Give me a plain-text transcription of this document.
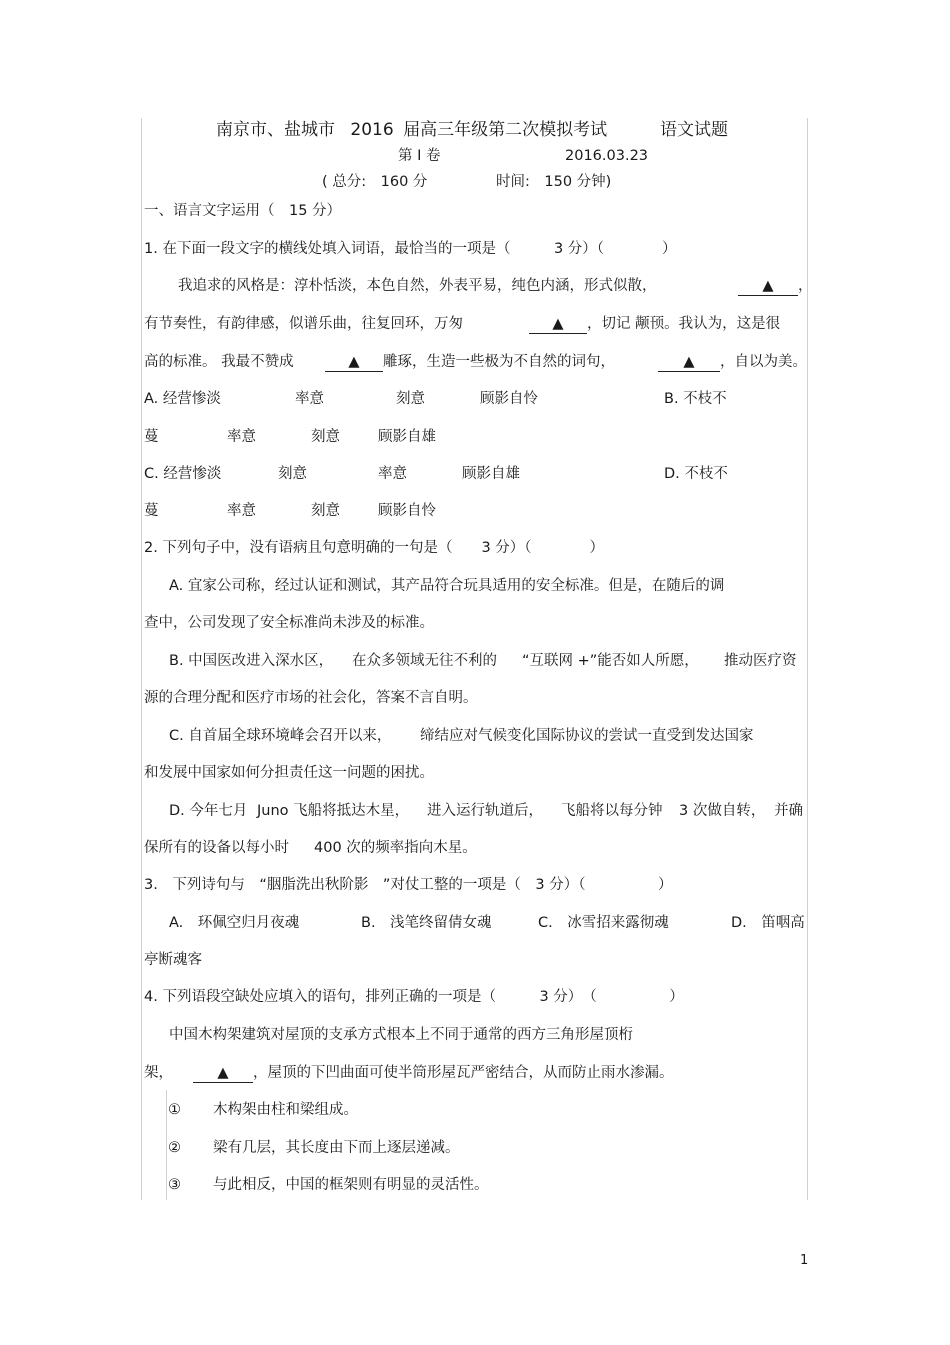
南京市、盐城市 2016 届高三年级第二次模拟考试	语文试题
第 I 卷	2016.03.23
( 总分:　160 分	时间:　150 分钟)
一、语言文字运用（　15 分）
1. 在下面一段文字的横线处填入词语，最恰当的一项是（　　　3 分）（　　　　）
我追求的风格是：淳朴恬淡，本色自然，外表平易，纯色内涵，形式似散，	▲ ，
有节奏性，有韵律感，似谱乐曲，往复回环，万匆	▲ ，切记 颟顸。我认为，这是很
高的标准。 我最不赞成	▲ 雕琢，生造一些极为不自然的词句，	▲ ，自以为美。
A. 经营惨淡	率意	刻意	顾影自怜	B. 不枝不
蔓	率意	刻意	顾影自雄
C. 经营惨淡	刻意	率意	顾影自雄	D. 不枝不
蔓	率意	刻意	顾影自怜
2. 下列句子中，没有语病且句意明确的一句是（　　3 分）（　　　　）
A. 宜家公司称，经过认证和测试，其产品符合玩具适用的安全标准。但是，在随后的调
查中，公司发现了安全标准尚未涉及的标准。
B. 中国医改进入深水区， 在众多领域无往不利的 “互联网 +”能否如人所愿， 推动医疗资
源的合理分配和医疗市场的社会化，答案不言自明。
C. 自首届全球环境峰会召开以来， 缔结应对气候变化国际协议的尝试一直受到发达国家
和发展中国家如何分担责任这一问题的困扰。
D. 今年七月 Juno 飞船将抵达木星， 进入运行轨道后， 飞船将以每分钟 3 次做自转， 并确
保所有的设备以每小时 400 次的频率指向木星。
3.　下列诗句与　“胭脂洗出秋阶影　”对仗工整的一项是（　3 分）（　　　　　）
A.　环佩空归月夜魂	B.　浅笔终留倩女魂	C.　冰雪招来露彻魂	D.　笛咽高
亭断魂客
4. 下列语段空缺处应填入的语句，排列正确的一项是（　　　3 分）　（　　　　　）
中国木构架建筑对屋顶的支承方式根本上不同于通常的西方三角形屋顶桁
架，	▲ ，屋顶的下凹曲面可使半筒形屋瓦严密结合，从而防止雨水渗漏。
① 木构架由柱和梁组成。
② 梁有几层，其长度由下而上逐层递减。
③ 与此相反，中国的框架则有明显的灵活性。
1
